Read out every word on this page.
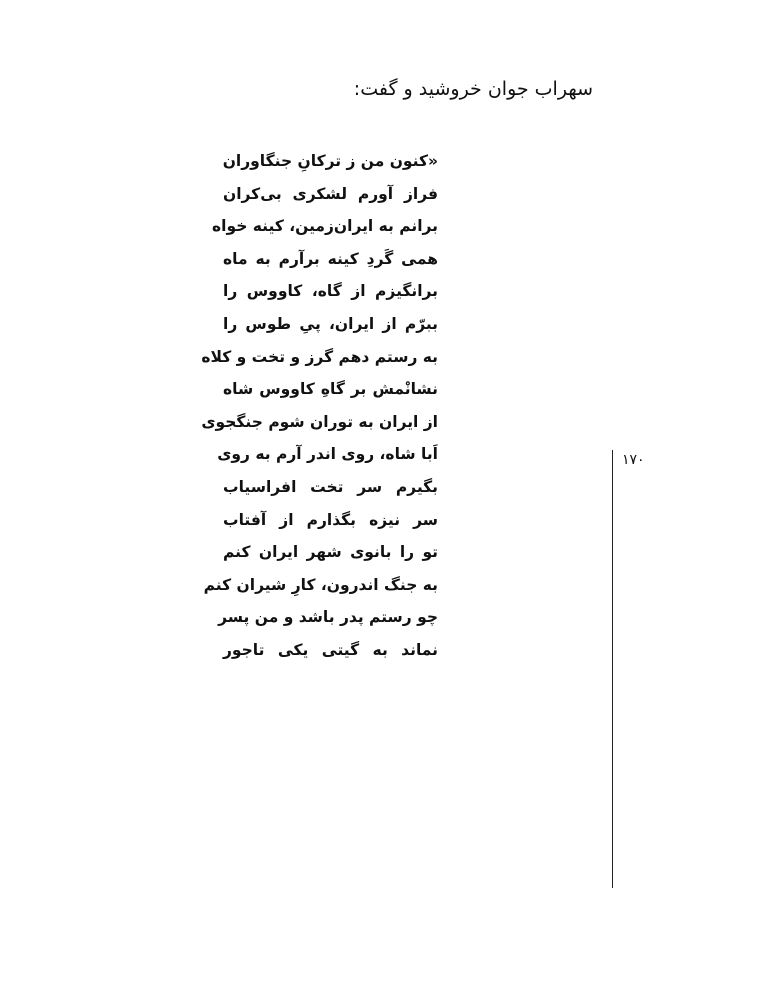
سهراب جوان خروشید و گفت:
«کنون من ز ترکانِ جنگاوران
فراز آورم لشکری بی‌کران
برانم به ایران‌زمین، کینه خواه
همی گَردِ کینه برآرم به ماه
برانگیزم از گاه، کاووس را
ببرّم از ایران، پیِ طوس را
به رستم دهم گرز و تخت و کلاه
نشانْمش بر گاهِ کاووس شاه
از ایران به توران شوم جنگجوی
اَبا شاه، روی اندر آرم به روی
بگیرم سر تخت افراسیاب
سر نیزه بگذارم از آفتاب
تو را بانوی شهر ایران کنم
به جنگ اندرون، کارِ شیران کنم
چو رستم پدر باشد و من پسر
نماند به گیتی یکی تاجور
۱۷۰
